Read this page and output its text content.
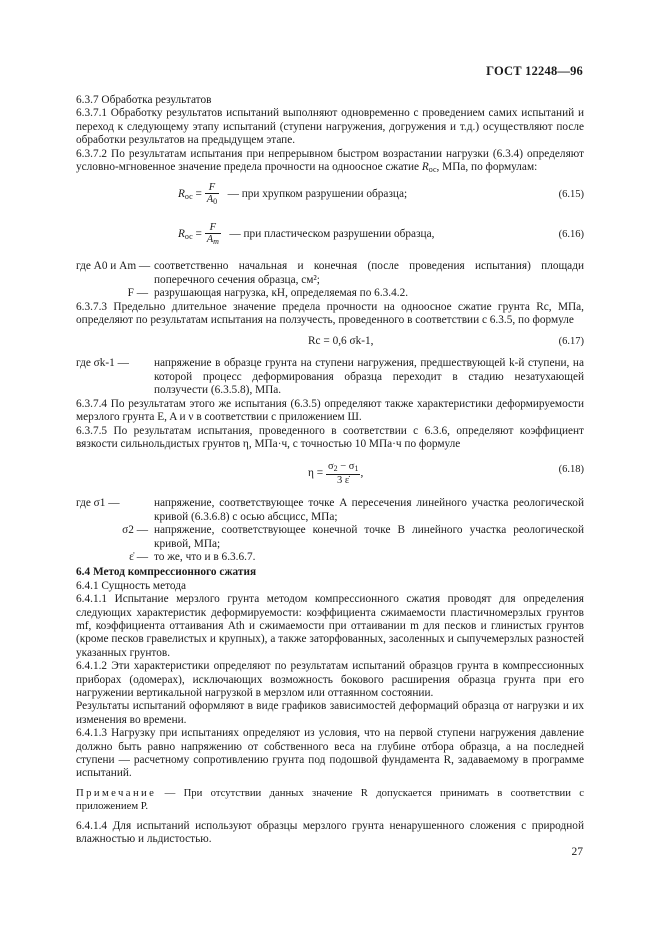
ГОСТ 12248—96

6.3.7 Обработка результатов

6.3.7.1 Обработку результатов испытаний выполняют одновременно с проведением самих испытаний и переход к следующему этапу испытаний (ступени нагружения, догружения и т.д.) осуществляют после обработки результатов на предыдущем этапе.

6.3.7.2 По результатам испытания при непрерывном быстром возрастании нагрузки (6.3.4) определяют условно-мгновенное значение предела прочности на одноосное сжатие $R_{ос}$, МПа, по формулам:

$R_{ос} = \frac{F}{A_0}$ — при хрупком разрушении образца;	(6.15)
$R_{ос} = \frac{F}{A_m}$ — при пластическом разрушении образца,	(6.16)
где A0 и Am — соответственно начальная и конечная (после проведения испытания) площади поперечного сечения образца, см²;
F — разрушающая нагрузка, кН, определяемая по 6.3.4.2.

6.3.7.3 Предельно длительное значение предела прочности на одноосное сжатие грунта Rc, МПа, определяют по результатам испытания на ползучесть, проведенного в соответствии с 6.3.5, по формуле

Rc = 0,6 σk-1,	(6.17)
где σk-1 —	напряжение в образце грунта на ступени нагружения, предшествующей k-й ступени, на которой процесс деформирования образца переходит в стадию незатухающей ползучести (6.3.5.8), МПа.

6.3.7.4 По результатам этого же испытания (6.3.5) определяют также характеристики деформируемости мерзлого грунта E, A и ν в соответствии с приложением Ш.

6.3.7.5 По результатам испытания, проведенного в соответствии с 6.3.6, определяют коэффициент вязкости сильнольдистых грунтов η, МПа·ч, с точностью 10 МПа·ч по формуле

$\eta = \frac{\sigma_2 - \sigma_1}{3 \varepsiloṅ}$ ,	(6.18)
где σ1 —	напряжение, соответствующее точке A пересечения линейного участка реологической кривой (6.3.6.8) с осью абсцисс, МПа;
σ2 — напряжение, соответствующее конечной точке B линейного участка реологической кривой, МПа;
ε̇ — то же, что и в 6.3.6.7.

6.4 Метод компрессионного сжатия

6.4.1 Сущность метода

6.4.1.1 Испытание мерзлого грунта методом компрессионного сжатия проводят для определения следующих характеристик деформируемости: коэффициента сжимаемости пластичномерзлых грунтов mf, коэффициента оттаивания Ath и сжимаемости при оттаивании m для песков и глинистых грунтов (кроме песков гравелистых и крупных), а также заторфованных, засоленных и сыпучемерзлых разностей указанных грунтов.

6.4.1.2 Эти характеристики определяют по результатам испытаний образцов грунта в компрессионных приборах (одомерах), исключающих возможность бокового расширения образца грунта при его нагружении вертикальной нагрузкой в мерзлом или оттаянном состоянии.

Результаты испытаний оформляют в виде графиков зависимостей деформаций образца от нагрузки и их изменения во времени.

6.4.1.3 Нагрузку при испытаниях определяют из условия, что на первой ступени нагружения давление должно быть равно напряжению от собственного веса на глубине отбора образца, а на последней ступени — расчетному сопротивлению грунта под подошвой фундамента R, задаваемому в программе испытаний.

Примечание — При отсутствии данных значение R допускается принимать в соответствии с приложением Р.

6.4.1.4 Для испытаний используют образцы мерзлого грунта ненарушенного сложения с природной влажностью и льдистостью.

27
